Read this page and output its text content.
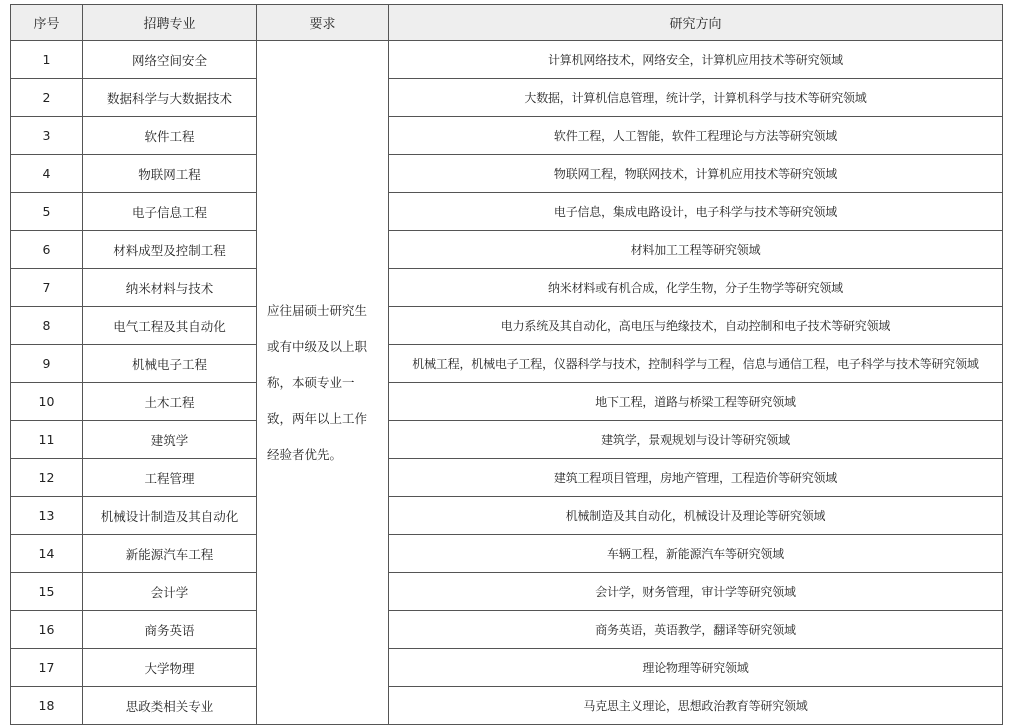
序号	招聘专业	要求	研究方向
1	网络空间安全	应往届硕士研究生或有中级及以上职称，本硕专业一致，两年以上工作经验者优先。	计算机网络技术，网络安全，计算机应用技术等研究领域
2	数据科学与大数据技术		大数据，计算机信息管理，统计学，计算机科学与技术等研究领域
3	软件工程		软件工程，人工智能，软件工程理论与方法等研究领域
4	物联网工程		物联网工程，物联网技术，计算机应用技术等研究领域
5	电子信息工程		电子信息，集成电路设计，电子科学与技术等研究领域
6	材料成型及控制工程		材料加工工程等研究领域
7	纳米材料与技术		纳米材料或有机合成，化学生物，分子生物学等研究领域
8	电气工程及其自动化		电力系统及其自动化，高电压与绝缘技术，自动控制和电子技术等研究领域
9	机械电子工程		机械工程，机械电子工程，仪器科学与技术，控制科学与工程，信息与通信工程，电子科学与技术等研究领域
10	土木工程		地下工程，道路与桥梁工程等研究领域
11	建筑学		建筑学，景观规划与设计等研究领域
12	工程管理		建筑工程项目管理，房地产管理，工程造价等研究领域
13	机械设计制造及其自动化		机械制造及其自动化，机械设计及理论等研究领域
14	新能源汽车工程		车辆工程，新能源汽车等研究领域
15	会计学		会计学，财务管理，审计学等研究领域
16	商务英语		商务英语，英语教学，翻译等研究领域
17	大学物理		理论物理等研究领域
18	思政类相关专业		马克思主义理论，思想政治教育等研究领域
